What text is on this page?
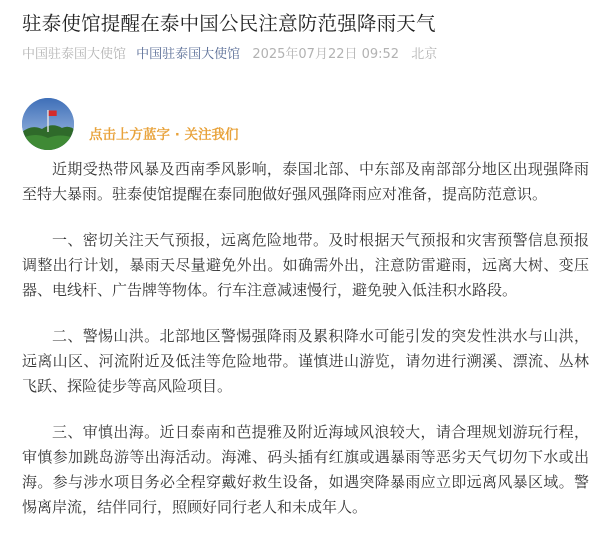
驻泰使馆提醒在泰中国公民注意防范强降雨天气
中国驻泰国大使馆 中国驻泰国大使馆 2025年07月22日 09:52 北京
点击上方蓝字 · 关注我们

近期受热带风暴及西南季风影响，泰国北部、中东部及南部部分地区出现强降雨至特大暴雨。驻泰使馆提醒在泰同胞做好强风强降雨应对准备，提高防范意识。

一、密切关注天气预报，远离危险地带。及时根据天气预报和灾害预警信息预报调整出行计划，暴雨天尽量避免外出。如确需外出，注意防雷避雨，远离大树、变压器、电线杆、广告牌等物体。行车注意减速慢行，避免驶入低洼积水路段。

二、警惕山洪。北部地区警惕强降雨及累积降水可能引发的突发性洪水与山洪，远离山区、河流附近及低洼等危险地带。谨慎进山游览，请勿进行溯溪、漂流、丛林飞跃、探险徒步等高风险项目。

三、审慎出海。近日泰南和芭提雅及附近海域风浪较大，请合理规划游玩行程，审慎参加跳岛游等出海活动。海滩、码头插有红旗或遇暴雨等恶劣天气切勿下水或出海。参与涉水项目务必全程穿戴好救生设备，如遇突降暴雨应立即远离风暴区域。警惕离岸流，结伴同行，照顾好同行老人和未成年人。
